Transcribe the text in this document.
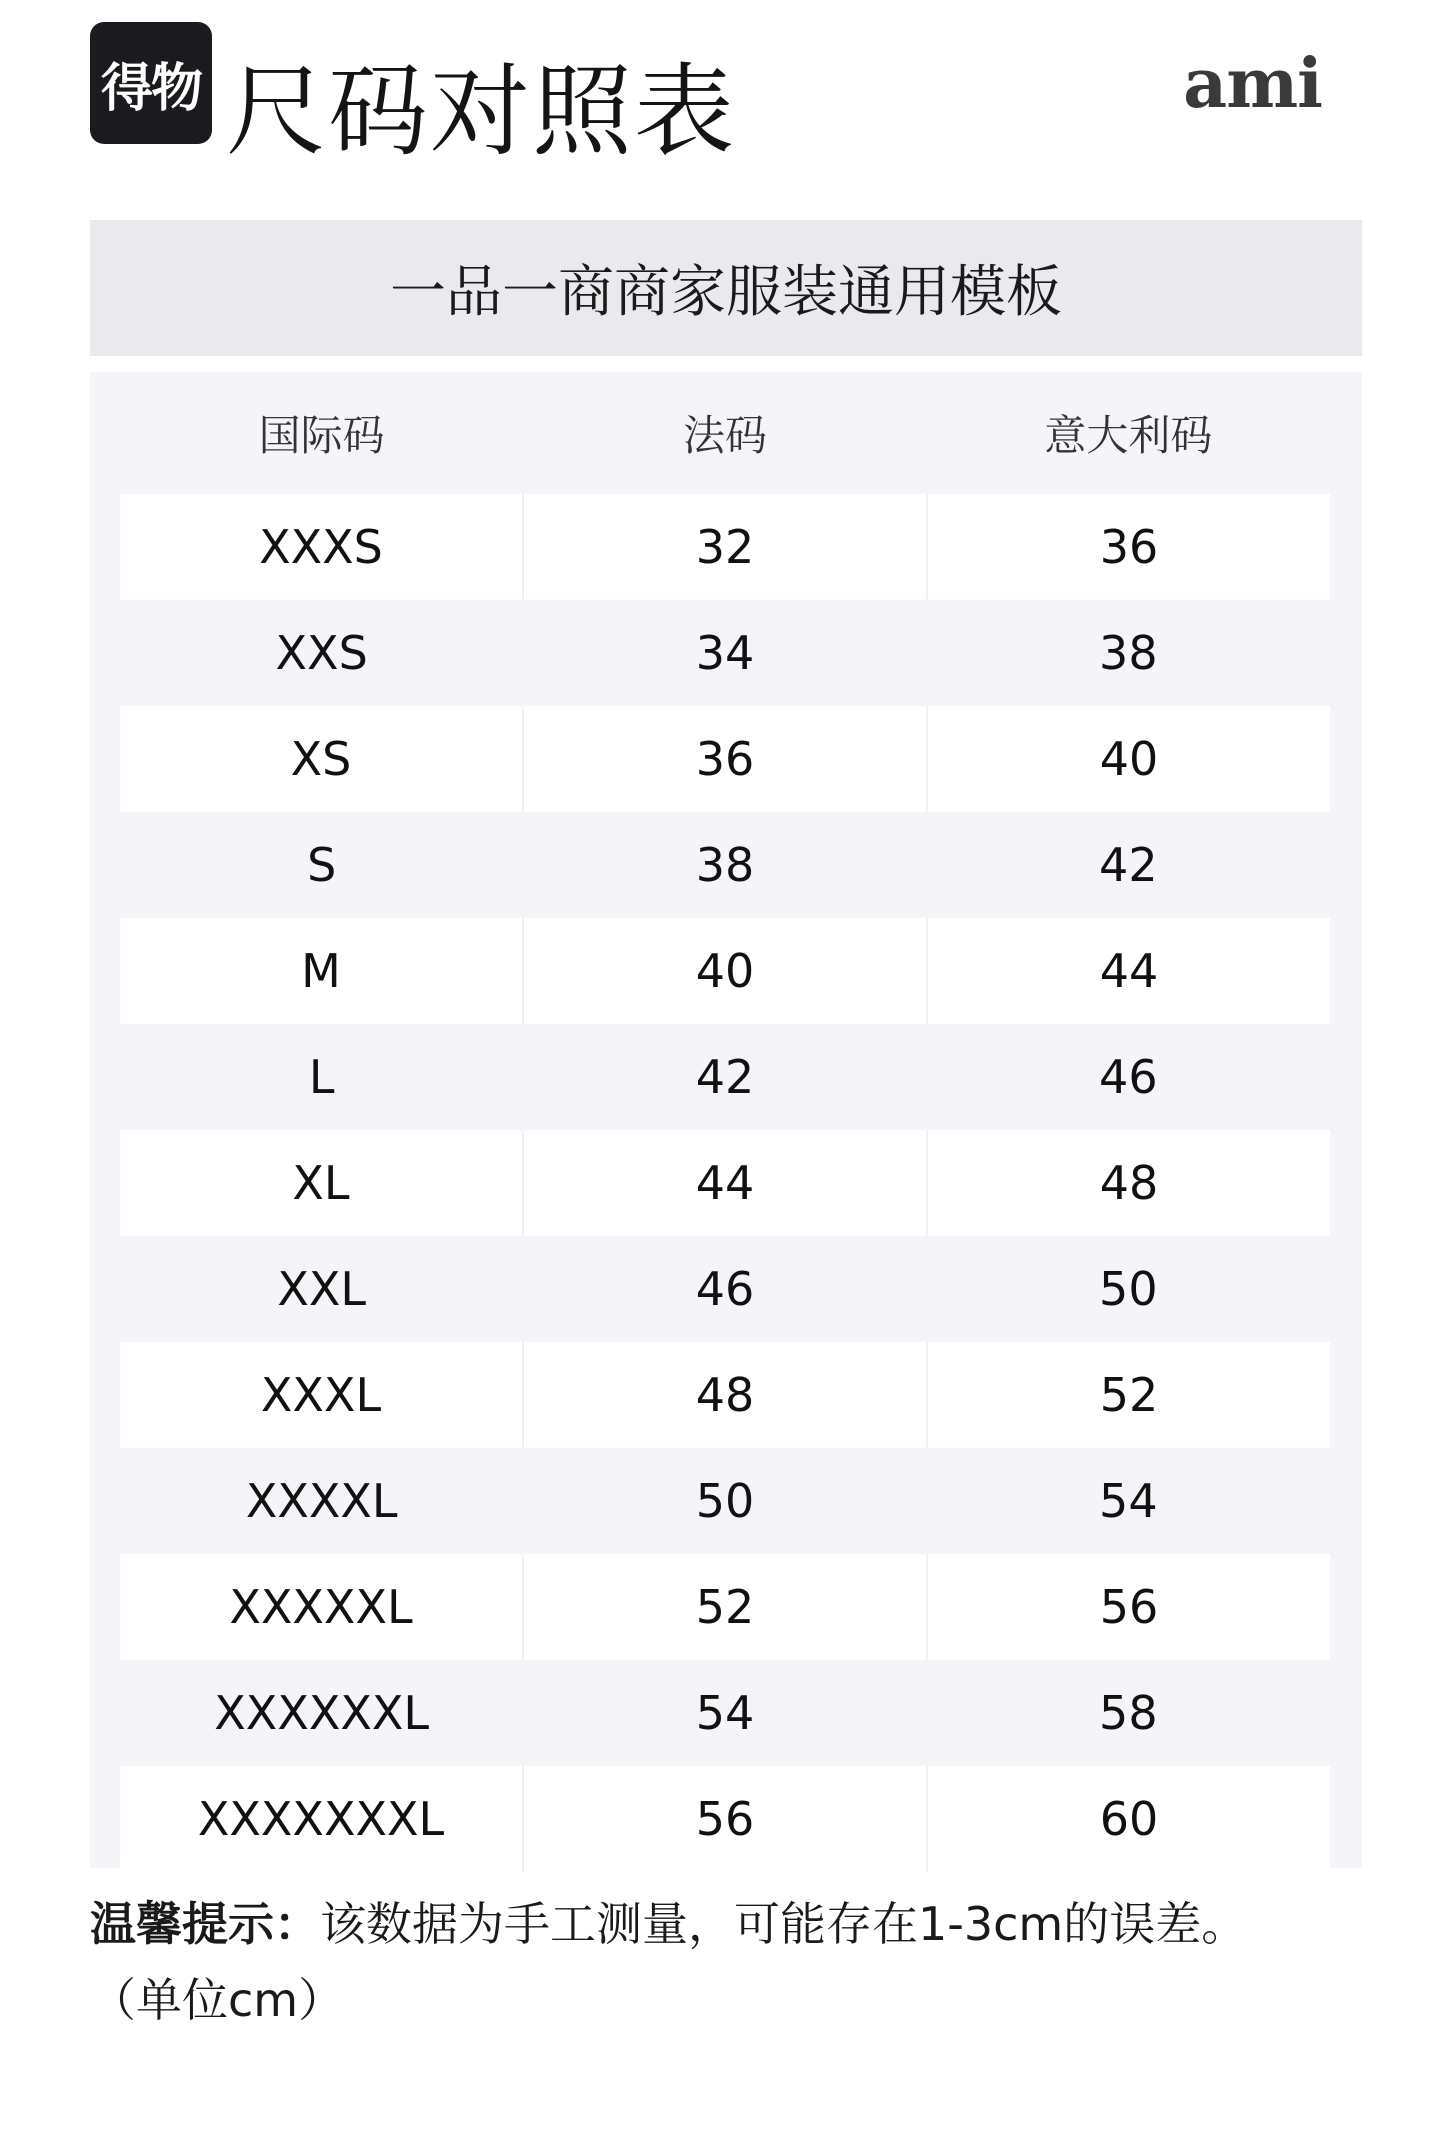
得物 尺码对照表	ami
一品一商商家服装通用模板
国际码	法码	意大利码
XXXS	32	36
XXS	34	38
XS	36	40
S	38	42
M	40	44
L	42	46
XL	44	48
XXL	46	50
XXXL	48	52
XXXXL	50	54
XXXXXL	52	56
XXXXXXL	54	58
XXXXXXXL	56	60
温馨提示：该数据为手工测量，可能存在1-3cm的误差。
（单位cm）
